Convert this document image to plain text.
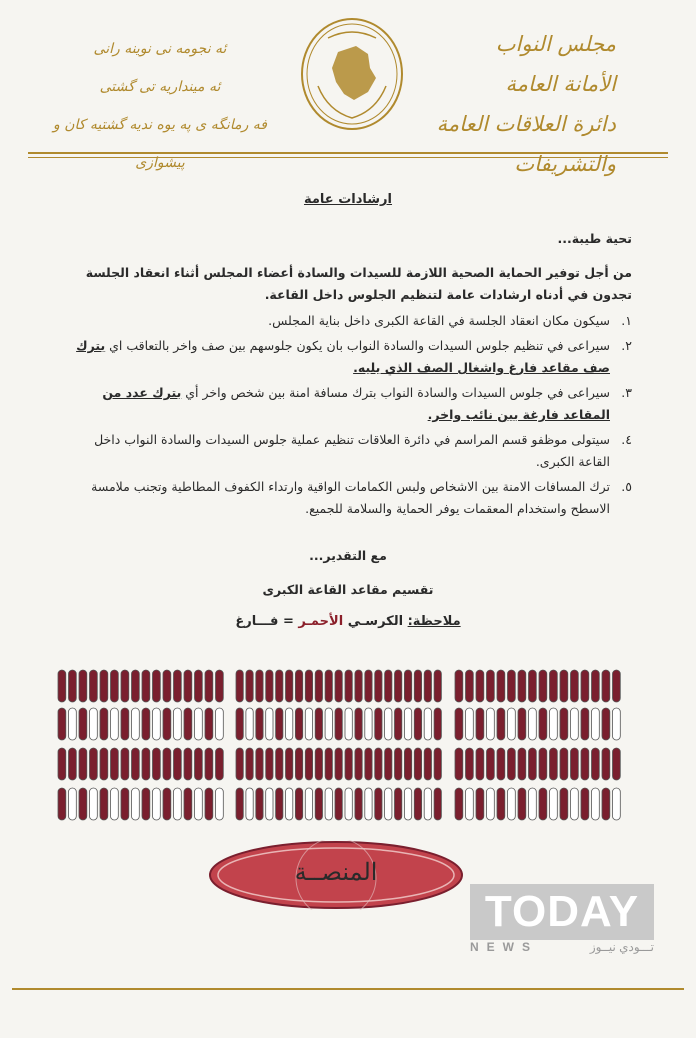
مجلس النواب
الأمانة العامة
دائرة العلاقات العامة والتشريفات
ئه نجومه نی نوینه رانی
ئه مینداریه تی گشتی
فه رمانگه ی په یوه ندیه گشتیه کان و پیشوازی
ارشادات عامة
تحية طيبة...
من أجل توفير الحماية الصحية اللازمة للسيدات والسادة أعضاء المجلس أثناء انعقاد الجلسة تجدون في أدناه ارشادات عامة لتنظيم الجلوس داخل القاعة.
١.
سيكون مكان انعقاد الجلسة في القاعة الكبرى داخل بناية المجلس.
٢.
سيراعى في تنظيم جلوس السيدات والسادة النواب بان يكون جلوسهم بين صف واخر بالتعاقب اي بترك صف مقاعد فارغ واشغال الصف الذي يليه.
٣.
سيراعى في جلوس السيدات والسادة النواب بترك مسافة امنة بين شخص واخر أي بترك عدد من المقاعد فارغة بين نائب واخر.
٤.
سيتولى موظفو قسم المراسم في دائرة العلاقات تنظيم عملية جلوس السيدات والسادة النواب داخل القاعة الكبرى.
٥.
ترك المسافات الامنة بين الاشخاص ولبس الكمامات الواقية وارتداء الكفوف المطاطية وتجنب ملامسة الاسطح واستخدام المعقمات يوفر الحماية والسلامة للجميع.
مع التقدير...
تقسيم مقاعد القاعة الكبرى
ملاحظة: الكرسـي الأحمـر = فـــارغ
المنصــة
TODAY
NEWS	تـــودي نيــوز
